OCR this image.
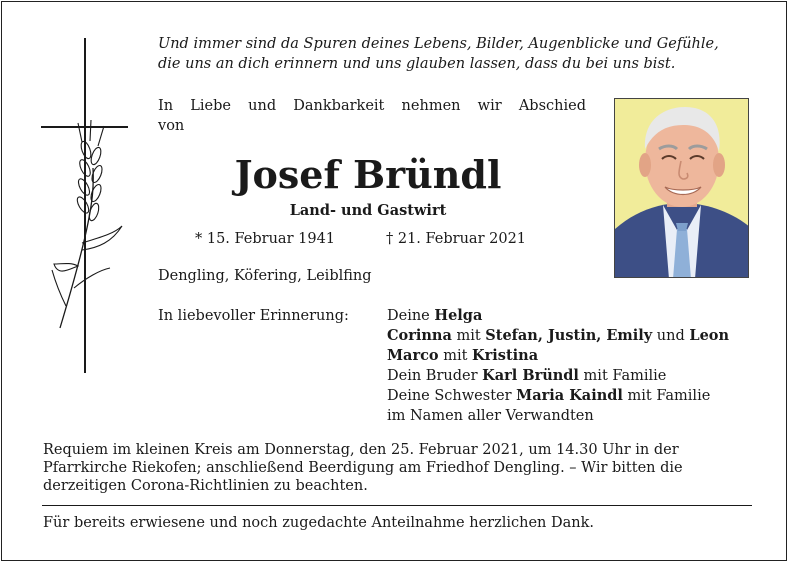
Und immer sind da Spuren deines Lebens, Bilder, Augenblicke und Gefühle,
die uns an dich erinnern und uns glauben lassen, dass du bei uns bist.
In Liebe und Dankbarkeit nehmen wir Abschied
von
Josef Bründl
Land- und Gastwirt
* 15. Februar 1941	† 21. Februar 2021
Dengling, Köfering, Leiblfing
In liebevoller Erinnerung:	Deine Helga
Corinna mit Stefan, Justin, Emily und Leon
Marco mit Kristina
Dein Bruder Karl Bründl mit Familie
Deine Schwester Maria Kaindl mit Familie
im Namen aller Verwandten
Requiem im kleinen Kreis am Donnerstag, den 25. Februar 2021, um 14.30 Uhr in der
Pfarrkirche Riekofen; anschließend Beerdigung am Friedhof Dengling. – Wir bitten die
derzeitigen Corona-Richtlinien zu beachten.
Für bereits erwiesene und noch zugedachte Anteilnahme herzlichen Dank.
